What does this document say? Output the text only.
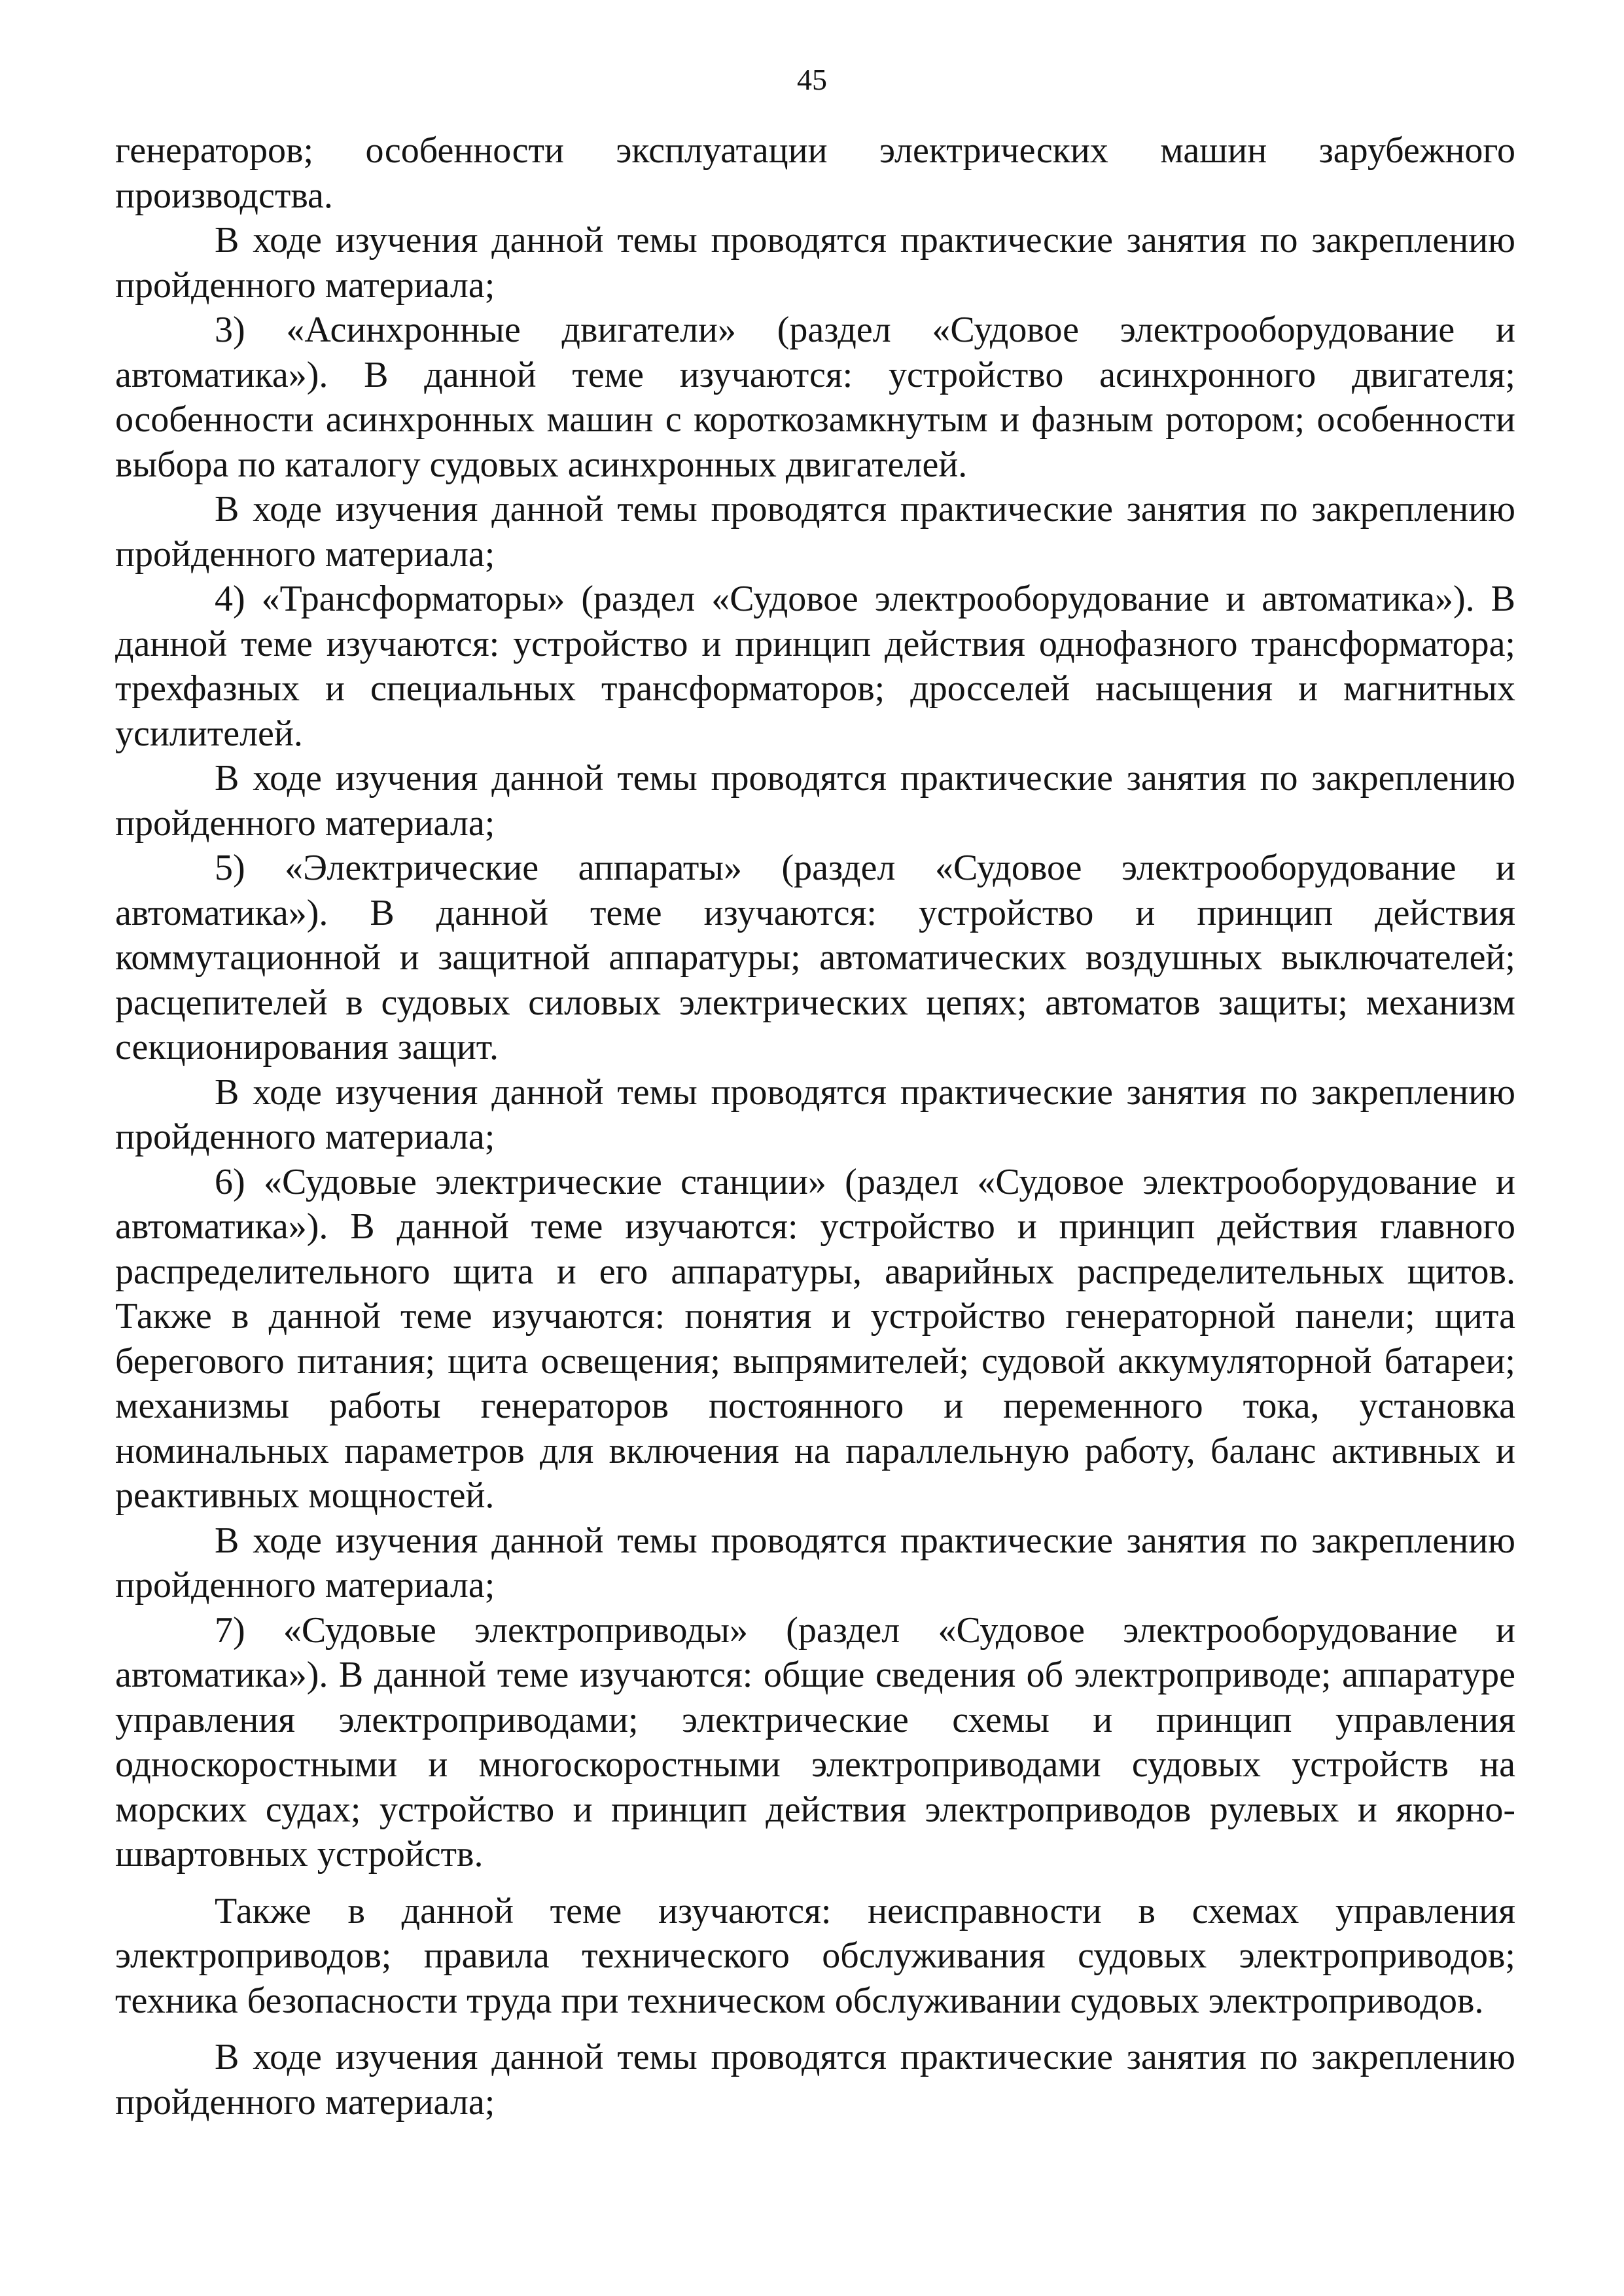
45

генераторов; особенности эксплуатации электрических машин зарубежного производства.

В ходе изучения данной темы проводятся практические занятия по закреплению пройденного материала;

3) «Асинхронные двигатели» (раздел «Судовое электрооборудование и автоматика»). В данной теме изучаются: устройство асинхронного двигателя; особенности асинхронных машин с короткозамкнутым и фазным ротором; особенности выбора по каталогу судовых асинхронных двигателей.

В ходе изучения данной темы проводятся практические занятия по закреплению пройденного материала;

4) «Трансформаторы» (раздел «Судовое электрооборудование и автоматика»). В данной теме изучаются: устройство и принцип действия однофазного трансформатора; трехфазных и специальных трансформаторов; дросселей насыщения и магнитных усилителей.

В ходе изучения данной темы проводятся практические занятия по закреплению пройденного материала;

5) «Электрические аппараты» (раздел «Судовое электрооборудование и автоматика»). В данной теме изучаются: устройство и принцип действия коммутационной и защитной аппаратуры; автоматических воздушных выключателей; расцепителей в судовых силовых электрических цепях; автоматов защиты; механизм секционирования защит.

В ходе изучения данной темы проводятся практические занятия по закреплению пройденного материала;

6) «Судовые электрические станции» (раздел «Судовое электрооборудование и автоматика»). В данной теме изучаются: устройство и принцип действия главного распределительного щита и его аппаратуры, аварийных распределительных щитов. Также в данной теме изучаются: понятия и устройство генераторной панели; щита берегового питания; щита освещения; выпрямителей; судовой аккумуляторной батареи; механизмы работы генераторов постоянного и переменного тока, установка номинальных параметров для включения на параллельную работу, баланс активных и реактивных мощностей.

В ходе изучения данной темы проводятся практические занятия по закреплению пройденного материала;

7) «Судовые электроприводы» (раздел «Судовое электрооборудование и автоматика»). В данной теме изучаются: общие сведения об электроприводе; аппаратуре управления электроприводами; электрические схемы и принцип управления односкоростными и многоскоростными электроприводами судовых устройств на морских судах; устройство и принцип действия электроприводов рулевых и якорно-швартовных устройств.

Также в данной теме изучаются: неисправности в схемах управления электроприводов; правила технического обслуживания судовых электроприводов; техника безопасности труда при техническом обслуживании судовых электроприводов.

В ходе изучения данной темы проводятся практические занятия по закреплению пройденного материала;
